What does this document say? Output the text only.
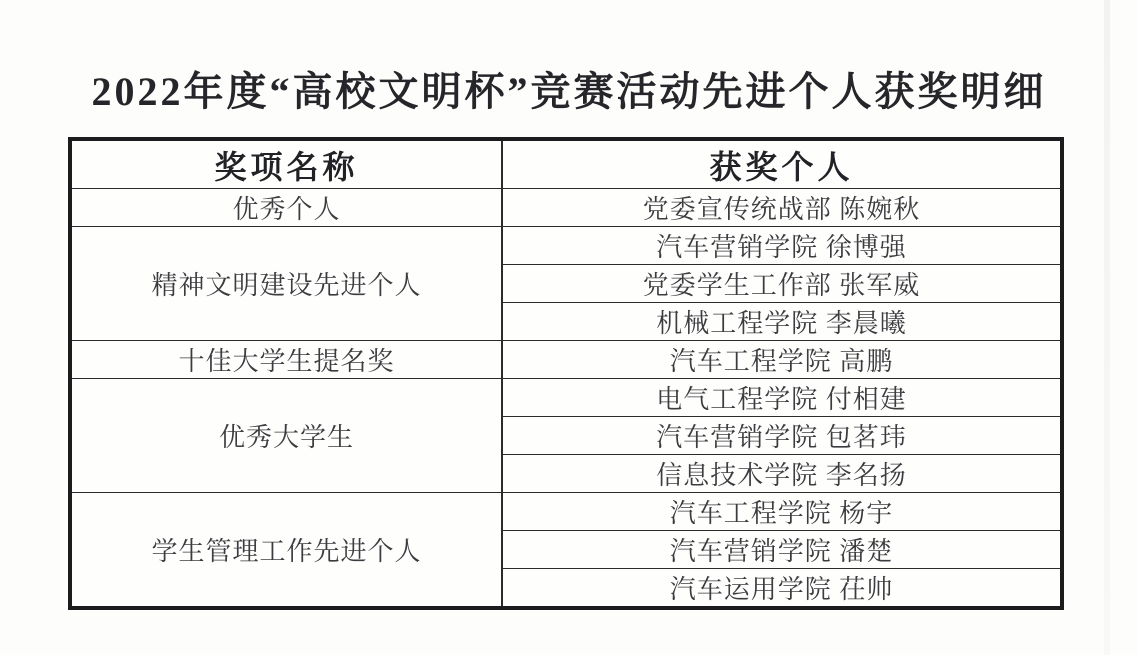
2022年度“高校文明杯”竞赛活动先进个人获奖明细
奖项名称	获奖个人
优秀个人	党委宣传统战部 陈婉秋
精神文明建设先进个人	汽车营销学院 徐博强
	党委学生工作部 张军威
	机械工程学院 李晨曦
十佳大学生提名奖	汽车工程学院 高鹏
优秀大学生	电气工程学院 付相建
	汽车营销学院 包茗玮
	信息技术学院 李名扬
学生管理工作先进个人	汽车工程学院 杨宇
	汽车营销学院 潘楚
	汽车运用学院 茌帅
